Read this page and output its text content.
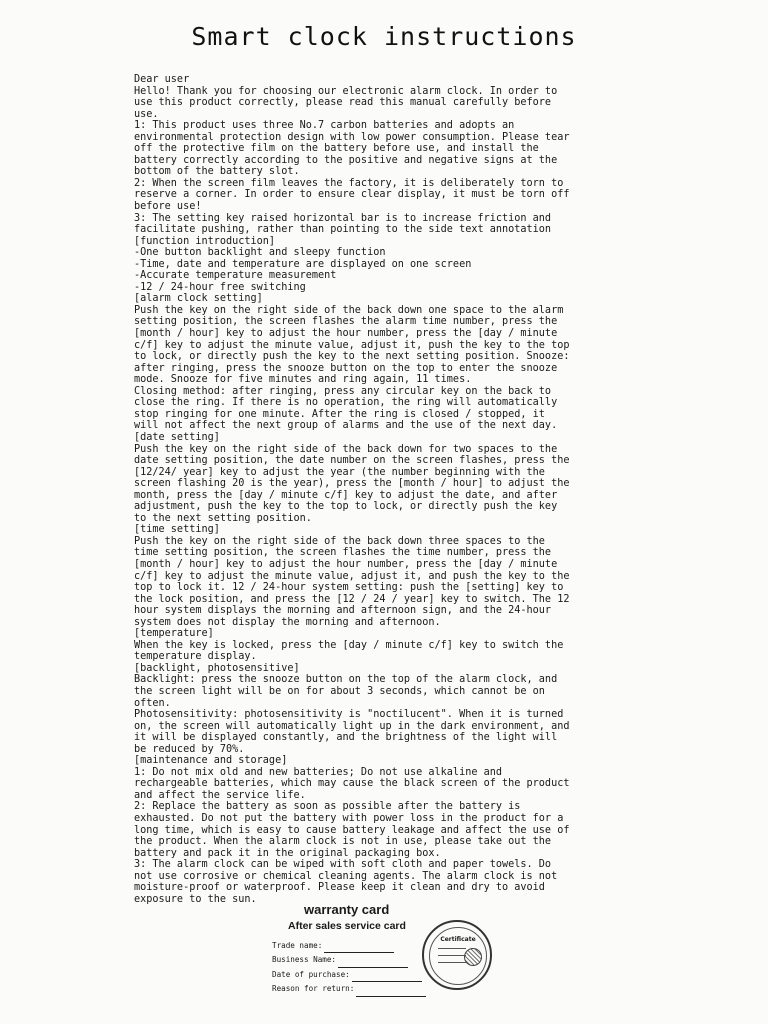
Smart clock instructions
Dear user
Hello! Thank you for choosing our electronic alarm clock. In order to
use this product correctly, please read this manual carefully before
use.
1: This product uses three No.7 carbon batteries and adopts an
environmental protection design with low power consumption. Please tear
off the protective film on the battery before use, and install the
battery correctly according to the positive and negative signs at the
bottom of the battery slot.
2: When the screen film leaves the factory, it is deliberately torn to
reserve a corner. In order to ensure clear display, it must be torn off
before use!
3: The setting key raised horizontal bar is to increase friction and
facilitate pushing, rather than pointing to the side text annotation
[function introduction]
-One button backlight and sleepy function
-Time, date and temperature are displayed on one screen
-Accurate temperature measurement
-12 / 24-hour free switching
[alarm clock setting]
Push the key on the right side of the back down one space to the alarm
setting position, the screen flashes the alarm time number, press the
[month / hour] key to adjust the hour number, press the [day / minute
c/f] key to adjust the minute value, adjust it, push the key to the top
to lock, or directly push the key to the next setting position. Snooze:
after ringing, press the snooze button on the top to enter the snooze
mode. Snooze for five minutes and ring again, 11 times.
Closing method: after ringing, press any circular key on the back to
close the ring. If there is no operation, the ring will automatically
stop ringing for one minute. After the ring is closed / stopped, it
will not affect the next group of alarms and the use of the next day.
[date setting]
Push the key on the right side of the back down for two spaces to the
date setting position, the date number on the screen flashes, press the
[12/24/ year] key to adjust the year (the number beginning with the
screen flashing 20 is the year), press the [month / hour] to adjust the
month, press the [day / minute c/f] key to adjust the date, and after
adjustment, push the key to the top to lock, or directly push the key
to the next setting position.
[time setting]
Push the key on the right side of the back down three spaces to the
time setting position, the screen flashes the time number, press the
[month / hour] key to adjust the hour number, press the [day / minute
c/f] key to adjust the minute value, adjust it, and push the key to the
top to lock it. 12 / 24-hour system setting: push the [setting] key to
the lock position, and press the [12 / 24 / year] key to switch. The 12
hour system displays the morning and afternoon sign, and the 24-hour
system does not display the morning and afternoon.
[temperature]
When the key is locked, press the [day / minute c/f] key to switch the
temperature display.
[backlight, photosensitive]
Backlight: press the snooze button on the top of the alarm clock, and
the screen light will be on for about 3 seconds, which cannot be on
often.
Photosensitivity: photosensitivity is "noctilucent". When it is turned
on, the screen will automatically light up in the dark environment, and
it will be displayed constantly, and the brightness of the light will
be reduced by 70%.
[maintenance and storage]
1: Do not mix old and new batteries; Do not use alkaline and
rechargeable batteries, which may cause the black screen of the product
and affect the service life.
2: Replace the battery as soon as possible after the battery is
exhausted. Do not put the battery with power loss in the product for a
long time, which is easy to cause battery leakage and affect the use of
the product. When the alarm clock is not in use, please take out the
battery and pack it in the original packaging box.
3: The alarm clock can be wiped with soft cloth and paper towels. Do
not use corrosive or chemical cleaning agents. The alarm clock is not
moisture-proof or waterproof. Please keep it clean and dry to avoid
exposure to the sun.
warranty card
After sales service card
Trade name:
Business Name:
Date of purchase:
Reason for return:
Certificate
